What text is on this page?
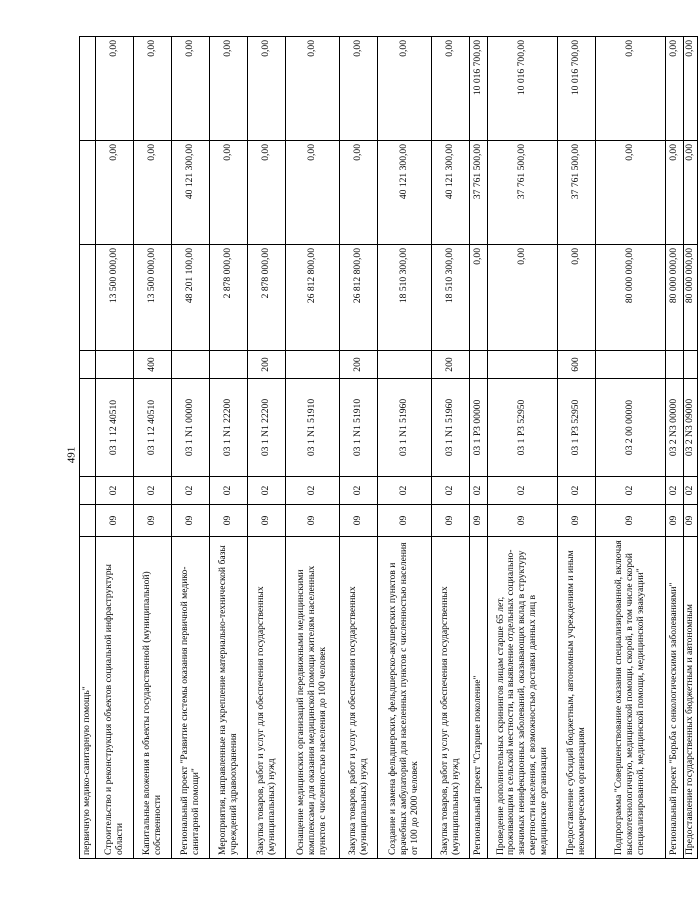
491
первичную медико-санитарную помощь"							
Строительство и реконструкция объектов социальной инфраструктуры области	09	02	03 1 12 40510		13 500 000,00	0,00	0,00
Капитальные вложения в объекты государственной (муниципальной) собственности	09	02	03 1 12 40510	400	13 500 000,00	0,00	0,00
Региональный проект "Развитие системы оказания первичной медико-санитарной помощи"	09	02	03 1 N1 00000		48 201 100,00	40 121 300,00	0,00
Мероприятия, направленные на укрепление материально-технической базы учреждений здравоохранения	09	02	03 1 N1 22200		2 878 000,00	0,00	0,00
Закупка товаров, работ и услуг для обеспечения государственных (муниципальных) нужд	09	02	03 1 N1 22200	200	2 878 000,00	0,00	0,00
Оснащение медицинских организаций передвижными медицинскими комплексами для оказания медицинской помощи жителям населенных пунктов с численностью населения до 100 человек	09	02	03 1 N1 51910		26 812 800,00	0,00	0,00
Закупка товаров, работ и услуг для обеспечения государственных (муниципальных) нужд	09	02	03 1 N1 51910	200	26 812 800,00	0,00	0,00
Создание и замена фельдшерских, фельдшерско-акушерских пунктов и врачебных амбулаторий для населенных пунктов с численностью населения от 100 до 2000 человек	09	02	03 1 N1 51960		18 510 300,00	40 121 300,00	0,00
Закупка товаров, работ и услуг для обеспечения государственных (муниципальных) нужд	09	02	03 1 N1 51960	200	18 510 300,00	40 121 300,00	0,00
Региональный проект "Старшее поколение"	09	02	03 1 P3 00000		0,00	37 761 500,00	10 016 700,00
Проведение дополнительных скринингов лицам старше 65 лет, проживающим в сельской местности, на выявление отдельных социально-значимых неинфекционных заболеваний, оказывающих вклад в структуру смертности населения, с возможностью доставки данных лиц в медицинские организации	09	02	03 1 P3 52950		0,00	37 761 500,00	10 016 700,00
Предоставление субсидий бюджетным, автономным учреждениям и иным некоммерческим организациям	09	02	03 1 P3 52950	600	0,00	37 761 500,00	10 016 700,00
Подпрограмма "Совершенствование оказания специализированной, включая высокотехнологичную, медицинской помощи, скорой, в том числе скорой специализированной, медицинской помощи, медицинской эвакуации"	09	02	03 2 00 00000		80 000 000,00	0,00	0,00
Региональный проект "Борьба с онкологическими заболеваниями"	09	02	03 2 N3 00000		80 000 000,00	0,00	0,00
Предоставление государственных бюджетным и автономным	09	02	03 2 N3 09000		80 000 000,00	0,00	0,00
